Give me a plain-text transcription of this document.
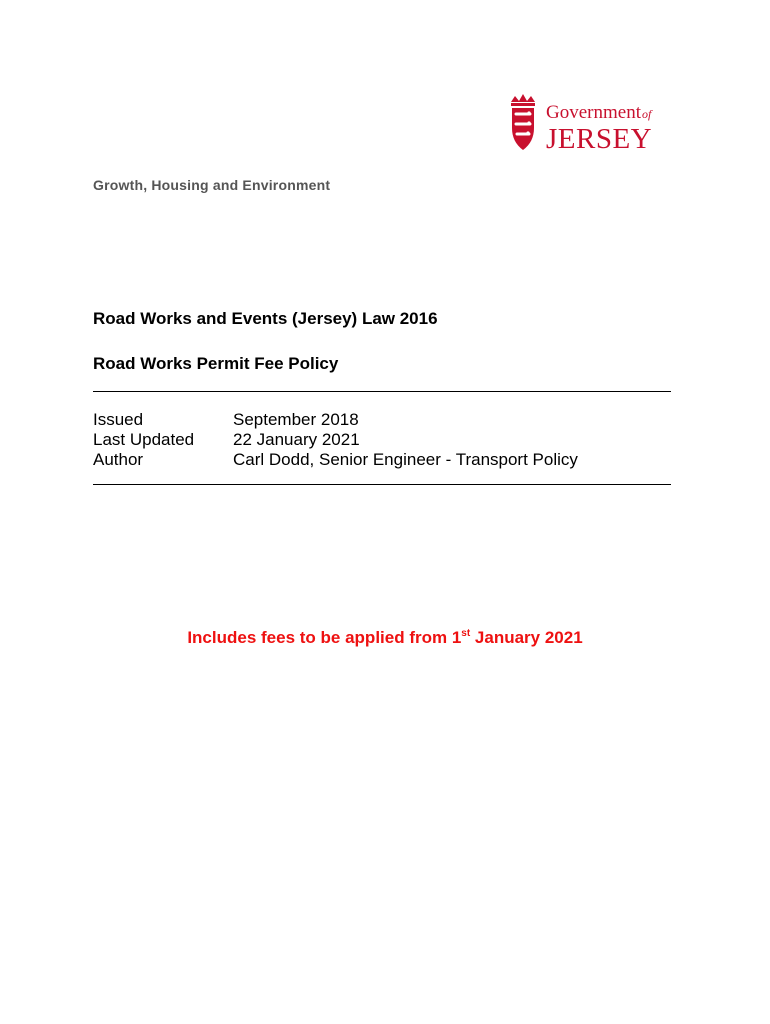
Government of
JERSEY
Growth, Housing and Environment
Road Works and Events (Jersey) Law 2016
Road Works Permit Fee Policy
Issued	September 2018
Last Updated	22 January 2021
Author	Carl Dodd, Senior Engineer - Transport Policy
Includes fees to be applied from 1st January 2021
